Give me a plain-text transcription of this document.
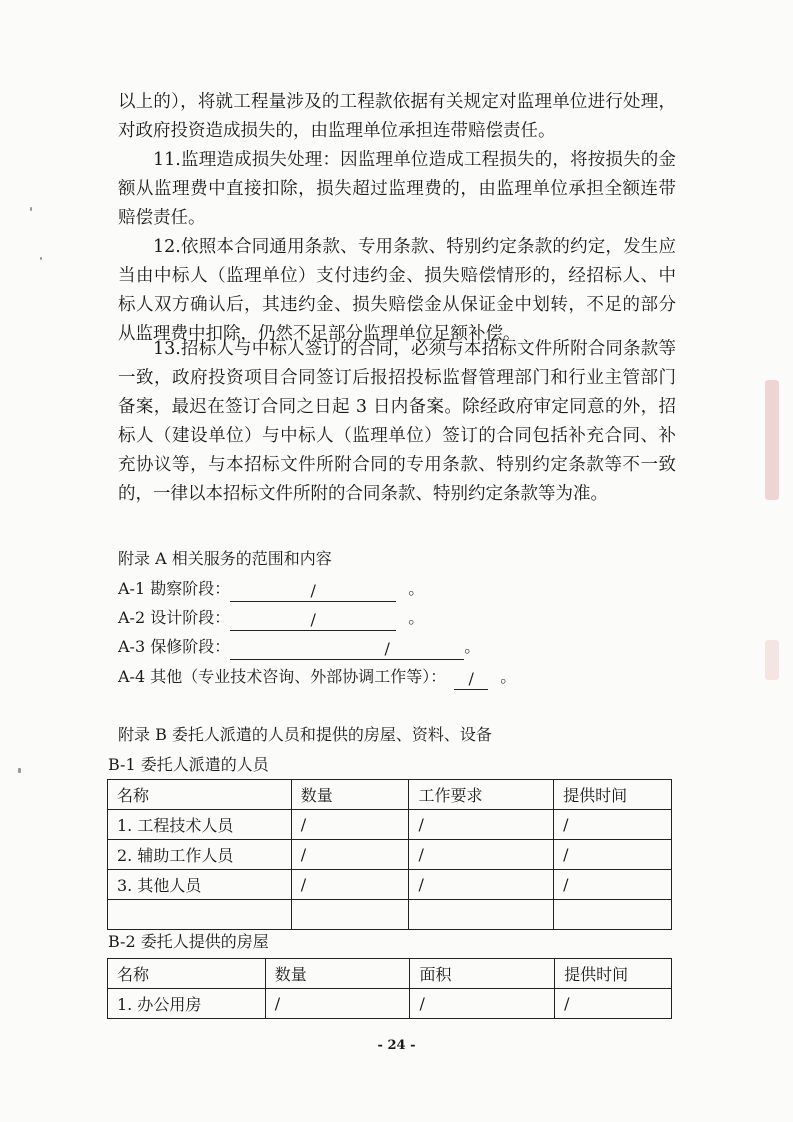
以上的），将就工程量涉及的工程款依据有关规定对监理单位进行处理，对政府投资造成损失的，由监理单位承担连带赔偿责任。

11.监理造成损失处理：因监理单位造成工程损失的，将按损失的金额从监理费中直接扣除，损失超过监理费的，由监理单位承担全额连带赔偿责任。

12.依照本合同通用条款、专用条款、特别约定条款的约定，发生应当由中标人（监理单位）支付违约金、损失赔偿情形的，经招标人、中标人双方确认后，其违约金、损失赔偿金从保证金中划转，不足的部分从监理费中扣除，仍然不足部分监理单位足额补偿。

13.招标人与中标人签订的合同，必须与本招标文件所附合同条款等一致，政府投资项目合同签订后报招投标监督管理部门和行业主管部门备案，最迟在签订合同之日起 3 日内备案。除经政府审定同意的外，招标人（建设单位）与中标人（监理单位）签订的合同包括补充合同、补充协议等，与本招标文件所附合同的专用条款、特别约定条款等不一致的，一律以本招标文件所附的合同条款、特别约定条款等为准。

附录 A 相关服务的范围和内容
A-1 勘察阶段：	/	。
A-2 设计阶段：	/	。
A-3 保修阶段：	/	。
A-4 其他（专业技术咨询、外部协调工作等）： / 。
附录 B 委托人派遣的人员和提供的房屋、资料、设备
B-1 委托人派遣的人员
名称	数量	工作要求	提供时间
1. 工程技术人员	/	/	/
2. 辅助工作人员	/	/	/
3. 其他人员	/	/	/

B-2 委托人提供的房屋
名称	数量	面积	提供时间
1. 办公用房	/	/	/
- 24 -
